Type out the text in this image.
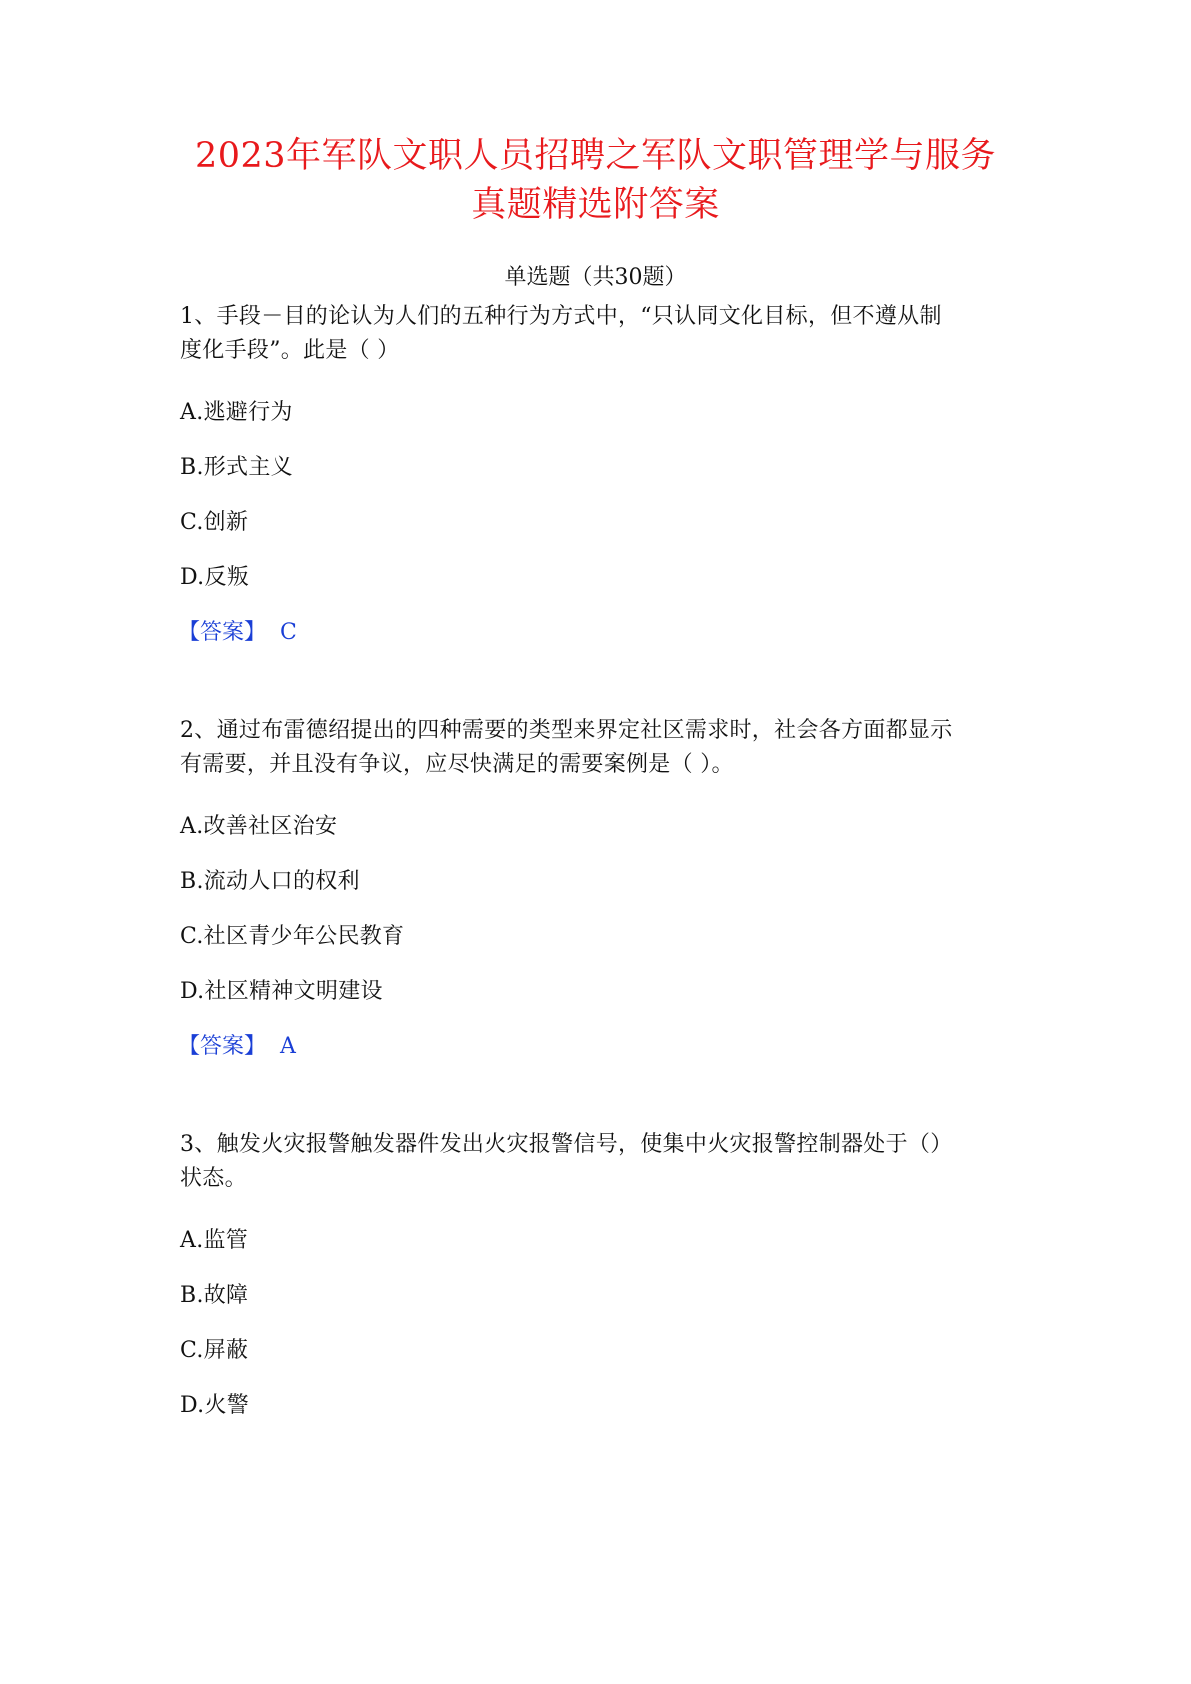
2023年军队文职人员招聘之军队文职管理学与服务
真题精选附答案
单选题（共30题）
1、手段－目的论认为人们的五种行为方式中，“只认同文化目标，但不遵从制
度化手段”。此是（ ）
A.逃避行为
B.形式主义
C.创新
D.反叛
【答案】 C
2、通过布雷德绍提出的四种需要的类型来界定社区需求时，社会各方面都显示
有需要，并且没有争议，应尽快满足的需要案例是（ ）。
A.改善社区治安
B.流动人口的权利
C.社区青少年公民教育
D.社区精神文明建设
【答案】 A
3、触发火灾报警触发器件发出火灾报警信号，使集中火灾报警控制器处于（）
状态。
A.监管
B.故障
C.屏蔽
D.火警
